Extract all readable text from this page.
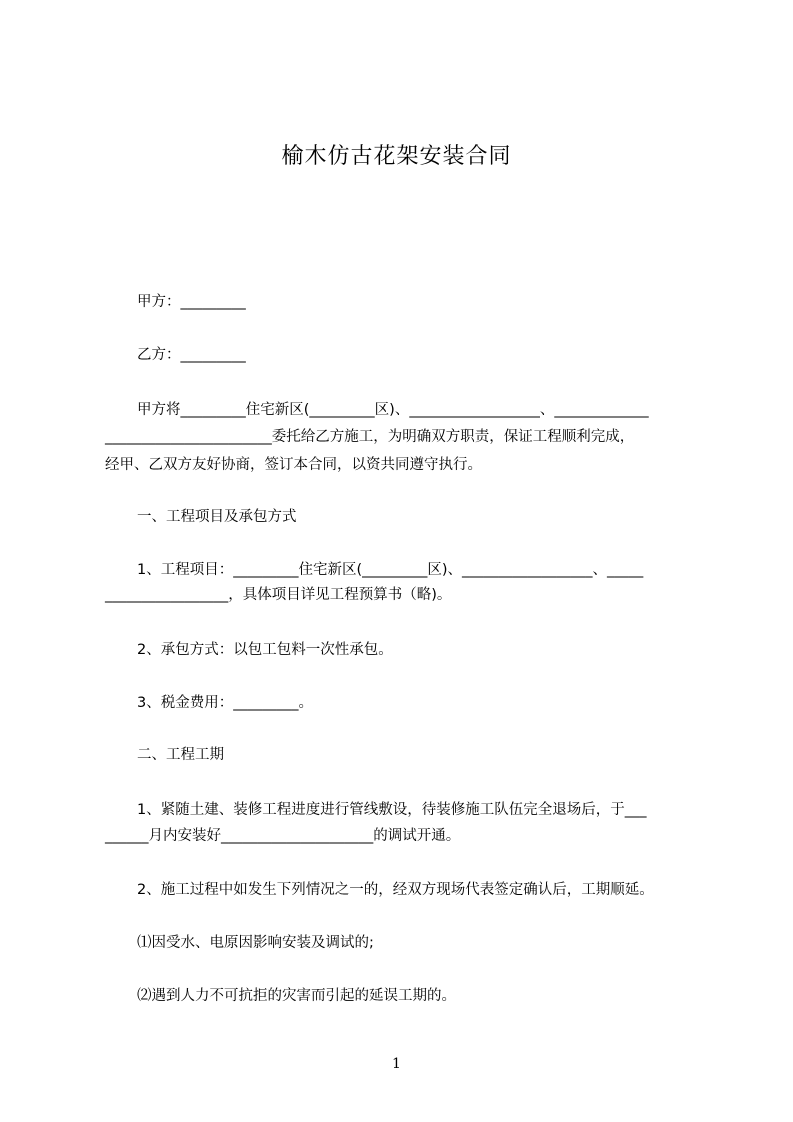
榆木仿古花架安装合同
甲方：_________
乙方：_________
甲方将_________住宅新区(_________区)、__________________、_____________
_______________________委托给乙方施工，为明确双方职责，保证工程顺利完成，
经甲、乙双方友好协商，签订本合同，以资共同遵守执行。
一、工程项目及承包方式
1、工程项目：_________住宅新区(_________区)、__________________、_____
_________________，具体项目详见工程预算书（略)。
2、承包方式：以包工包料一次性承包。
3、税金费用：_________。
二、工程工期
1、紧随土建、装修工程进度进行管线敷设，待装修施工队伍完全退场后，于___
______月内安装好_____________________的调试开通。
2、施工过程中如发生下列情况之一的，经双方现场代表签定确认后，工期顺延。
⑴因受水、电原因影响安装及调试的;
⑵遇到人力不可抗拒的灾害而引起的延误工期的。
1
